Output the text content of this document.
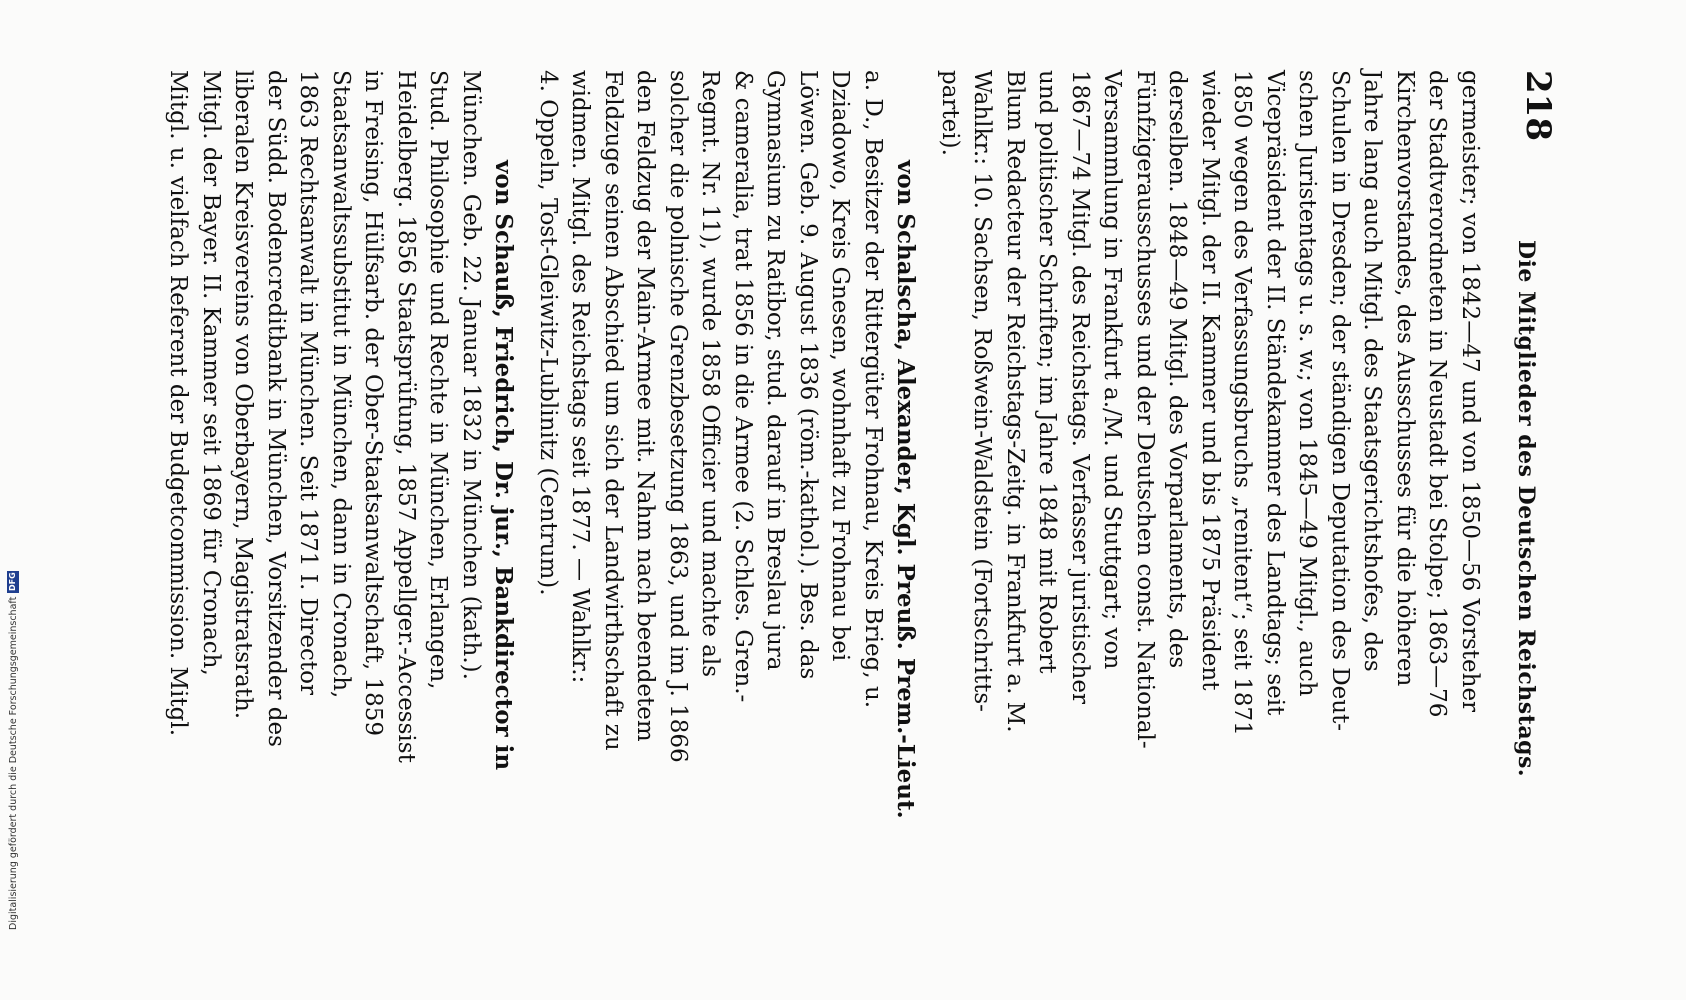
218
Die Mitglieder des Deutschen Reichstags.
germeister; von 1842—47 und von 1850—56 Vorsteher
der Stadtverordneten in Neustadt bei Stolpe; 1863—76
Kirchenvorstandes, des Ausschusses für die höheren
Jahre lang auch Mitgl. des Staatsgerichtshofes, des
Schulen in Dresden; der ständigen Deputation des Deut-
schen Juristentags u. s. w.; von 1845—49 Mitgl., auch
Vicepräsident der II. Ständekammer des Landtags; seit
1850 wegen des Verfassungsbruchs „renitent“; seit 1871
wieder Mitgl. der II. Kammer und bis 1875 Präsident
derselben. 1848—49 Mitgl. des Vorparlaments, des
Fünfzigerausschusses und der Deutschen const. National-
Versammlung in Frankfurt a./M. und Stuttgart; von
1867—74 Mitgl. des Reichstags. Verfasser juristischer
und politischer Schriften; im Jahre 1848 mit Robert
Blum Redacteur der Reichstags-Zeitg. in Frankfurt a. M.
Wahlkr.: 10. Sachsen, Roßwein-Waldstein (Fortschritts-
partei).
von Schalscha, Alexander, Kgl. Preuß. Prem.-Lieut.
a. D., Besitzer der Rittergüter Frohnau, Kreis Brieg, u.
Dziadowo, Kreis Gnesen, wohnhaft zu Frohnau bei
Löwen. Geb. 9. August 1836 (röm.-kathol.). Bes. das
Gymnasium zu Ratibor, stud. darauf in Breslau jura
& cameralia, trat 1856 in die Armee (2. Schles. Gren.-
Regmt. Nr. 11), wurde 1858 Officier und machte als
solcher die polnische Grenzbesetzung 1863, und im J. 1866
den Feldzug der Main-Armee mit. Nahm nach beendetem
Feldzuge seinen Abschied um sich der Landwirthschaft zu
widmen. Mitgl. des Reichstags seit 1877. — Wahlkr.:
4. Oppeln, Tost-Gleiwitz-Lublinitz (Centrum).
von Schauß, Friedrich, Dr. jur., Bankdirector in
München. Geb. 22. Januar 1832 in München (kath.).
Stud. Philosophie und Rechte in München, Erlangen,
Heidelberg. 1856 Staatsprüfung, 1857 Appellger.-Accessist
in Freising, Hülfsarb. der Ober-Staatsanwaltschaft, 1859
Staatsanwaltssubstitut in München, dann in Cronach,
1863 Rechtsanwalt in München. Seit 1871 I. Director
der Südd. Bodencreditbank in München, Vorsitzender des
liberalen Kreisvereins von Oberbayern, Magistratsrath.
Mitgl. der Bayer. II. Kammer seit 1869 für Cronach,
Mitgl. u. vielfach Referent der Budgetcommission. Mitgl.
Digitalisierung gefördert durch die Deutsche Forschungsgemeinschaft
DFG
